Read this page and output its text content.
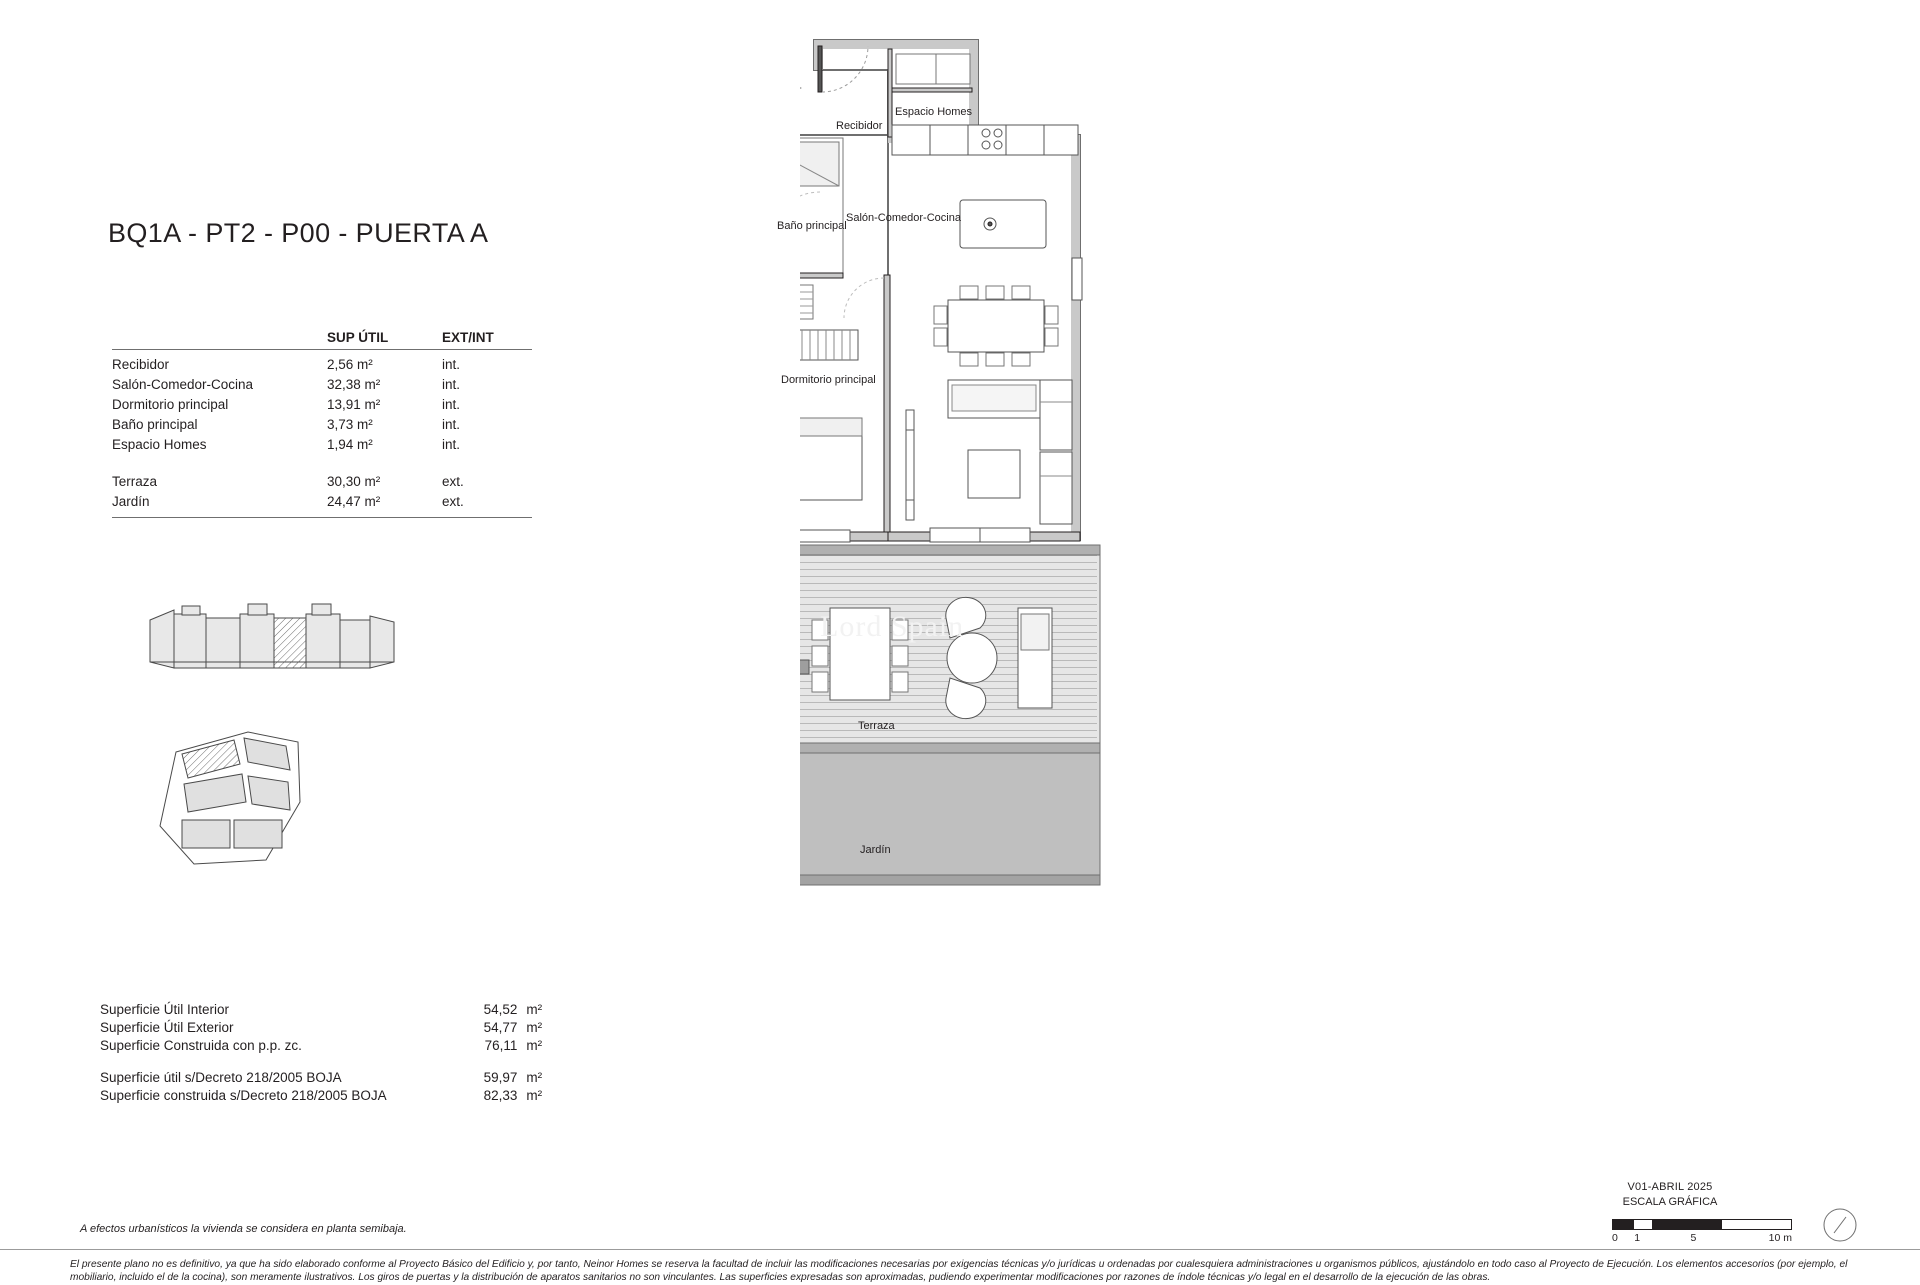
BQ1A - PT2 - P00 - PUERTA A
SUP ÚTIL	EXT/INT
Recibidor	2,56 m²	int.
Salón-Comedor-Cocina	32,38 m²	int.
Dormitorio principal	13,91 m²	int.
Baño principal	3,73 m²	int.
Espacio Homes	1,94 m²	int.
Terraza	30,30 m²	ext.
Jardín	24,47 m²	ext.
Superficie Útil Interior	54,52 m²
Superficie Útil Exterior	54,77 m²
Superficie Construida con p.p. zc.	76,11 m²
Superficie útil s/Decreto 218/2005 BOJA	59,97 m²
Superficie construida s/Decreto 218/2005 BOJA	82,33 m²
A efectos urbanísticos la vivienda se considera en planta semibaja.
Recibidor
Espacio Homes
Baño principal
Salón-Comedor-Cocina
Dormitorio principal
Terraza
Jardín
Lord Spain
V01-ABRIL 2025
ESCALA GRÁFICA
0 1	5	10 m
El presente plano no es definitivo, ya que ha sido elaborado conforme al Proyecto Básico del Edificio y, por tanto, Neinor Homes se reserva la facultad de incluir las modificaciones necesarias por exigencias técnicas y/o jurídicas u ordenadas por cualesquiera administraciones u organismos públicos, ajustándolo en todo caso al Proyecto de Ejecución. Los elementos accesorios (por ejemplo, el mobiliario, incluido el de la cocina), son meramente ilustrativos. Los giros de puertas y la distribución de aparatos sanitarios no son vinculantes. Las superficies expresadas son aproximadas, pudiendo experimentar modificaciones por razones de índole técnicas y/o legal en el desarrollo de la ejecución de las obras.
